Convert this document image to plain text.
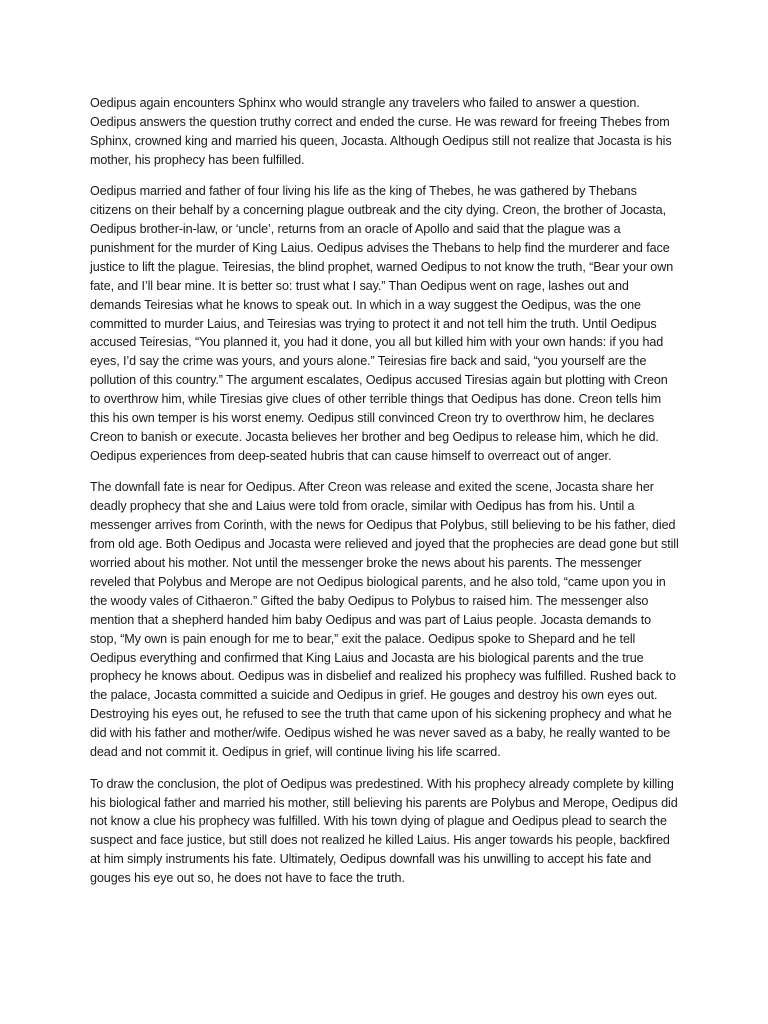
Oedipus again encounters Sphinx who would strangle any travelers who failed to answer a question. Oedipus answers the question truthy correct and ended the curse. He was reward for freeing Thebes from Sphinx, crowned king and married his queen, Jocasta. Although Oedipus still not realize that Jocasta is his mother, his prophecy has been fulfilled.

Oedipus married and father of four living his life as the king of Thebes, he was gathered by Thebans citizens on their behalf by a concerning plague outbreak and the city dying. Creon, the brother of Jocasta, Oedipus brother-in-law, or ‘uncle’, returns from an oracle of Apollo and said that the plague was a punishment for the murder of King Laius. Oedipus advises the Thebans to help find the murderer and face justice to lift the plague. Teiresias, the blind prophet, warned Oedipus to not know the truth, “Bear your own fate, and I’ll bear mine. It is better so: trust what I say.” Than Oedipus went on rage, lashes out and demands Teiresias what he knows to speak out. In which in a way suggest the Oedipus, was the one committed to murder Laius, and Teiresias was trying to protect it and not tell him the truth. Until Oedipus accused Teiresias, “You planned it, you had it done, you all but killed him with your own hands: if you had eyes, I’d say the crime was yours, and yours alone.” Teiresias fire back and said, “you yourself are the pollution of this country.” The argument escalates, Oedipus accused Tiresias again but plotting with Creon to overthrow him, while Tiresias give clues of other terrible things that Oedipus has done. Creon tells him this his own temper is his worst enemy. Oedipus still convinced Creon try to overthrow him, he declares Creon to banish or execute. Jocasta believes her brother and beg Oedipus to release him, which he did. Oedipus experiences from deep-seated hubris that can cause himself to overreact out of anger.

The downfall fate is near for Oedipus. After Creon was release and exited the scene, Jocasta share her deadly prophecy that she and Laius were told from oracle, similar with Oedipus has from his. Until a messenger arrives from Corinth, with the news for Oedipus that Polybus, still believing to be his father, died from old age. Both Oedipus and Jocasta were relieved and joyed that the prophecies are dead gone but still worried about his mother. Not until the messenger broke the news about his parents. The messenger reveled that Polybus and Merope are not Oedipus biological parents, and he also told, “came upon you in the woody vales of Cithaeron.” Gifted the baby Oedipus to Polybus to raised him. The messenger also mention that a shepherd handed him baby Oedipus and was part of Laius people. Jocasta demands to stop, “My own is pain enough for me to bear,” exit the palace. Oedipus spoke to Shepard and he tell Oedipus everything and confirmed that King Laius and Jocasta are his biological parents and the true prophecy he knows about. Oedipus was in disbelief and realized his prophecy was fulfilled. Rushed back to the palace, Jocasta committed a suicide and Oedipus in grief. He gouges and destroy his own eyes out. Destroying his eyes out, he refused to see the truth that came upon of his sickening prophecy and what he did with his father and mother/wife. Oedipus wished he was never saved as a baby, he really wanted to be dead and not commit it. Oedipus in grief, will continue living his life scarred.

To draw the conclusion, the plot of Oedipus was predestined. With his prophecy already complete by killing his biological father and married his mother, still believing his parents are Polybus and Merope, Oedipus did not know a clue his prophecy was fulfilled. With his town dying of plague and Oedipus plead to search the suspect and face justice, but still does not realized he killed Laius. His anger towards his people, backfired at him simply instruments his fate. Ultimately, Oedipus downfall was his unwilling to accept his fate and gouges his eye out so, he does not have to face the truth.
